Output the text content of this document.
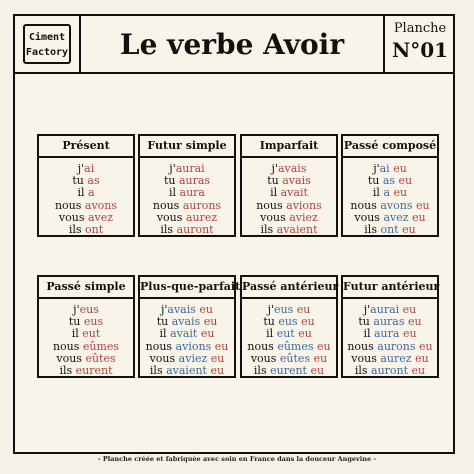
Ciment
Factory	Le verbe Avoir	Planche
N°01
Présent
j'ai
tu as
il a
nous avons
vous avez
ils ont
Futur simple
j'aurai
tu auras
il aura
nous aurons
vous aurez
ils auront
Imparfait
j'avais
tu avais
il avait
nous avions
vous aviez
ils avaient
Passé composé
j'ai eu
tu as eu
il a eu
nous avons eu
vous avez eu
ils ont eu
Passé simple
j'eus
tu eus
il eut
nous eûmes
vous eûtes
ils eurent
Plus-que-parfait
j'avais eu
tu avais eu
il avait eu
nous avions eu
vous aviez eu
ils avaient eu
Passé antérieur
j'eus eu
tu eus eu
il eut eu
nous eûmes eu
vous eûtes eu
ils eurent eu
Futur antérieur
j'aurai eu
tu auras eu
il aura eu
nous aurons eu
vous aurez eu
ils auront eu
- Planche créée et fabriquée avec soin en France dans la douceur Angevine -
